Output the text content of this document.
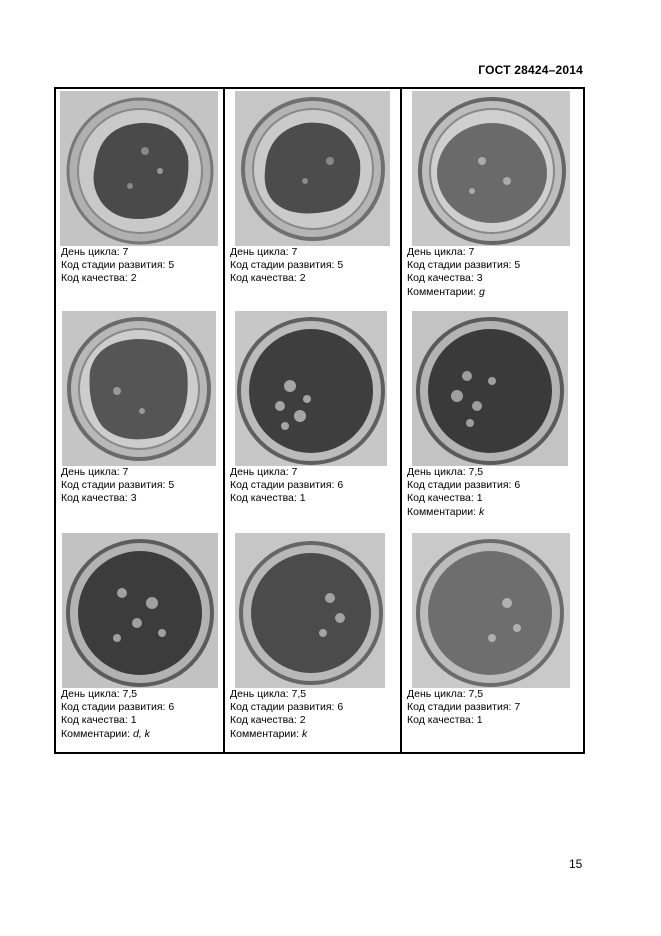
ГОСТ 28424–2014
День цикла: 7
Код стадии развития: 5
Код качества: 2
День цикла: 7
Код стадии развития: 5
Код качества: 2
День цикла: 7
Код стадии развития: 5
Код качества: 3
Комментарии: g
День цикла: 7
Код стадии развития: 5
Код качества: 3
День цикла: 7
Код стадии развития: 6
Код качества: 1
День цикла: 7,5
Код стадии развития: 6
Код качества: 1
Комментарии: k
День цикла: 7,5
Код стадии развития: 6
Код качества: 1
Комментарии: d, k
День цикла: 7,5
Код стадии развития: 6
Код качества: 2
Комментарии: k
День цикла: 7,5
Код стадии развития: 7
Код качества: 1
15
